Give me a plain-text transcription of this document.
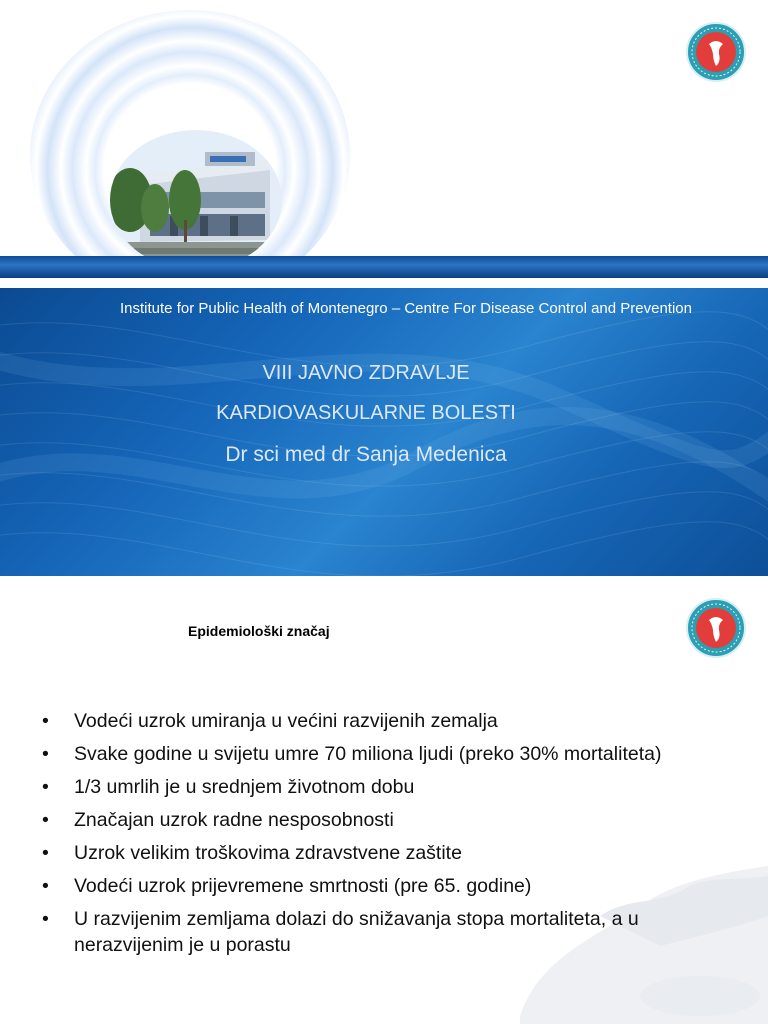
Institute for Public Health of Montenegro – Centre For Disease Control and Prevention
VIII JAVNO ZDRAVLJE
KARDIOVASKULARNE BOLESTI
Dr sci med dr Sanja Medenica
Epidemiološki značaj
• Vodeći uzrok umiranja u većini razvijenih zemalja
• Svake godine u svijetu umre 70 miliona ljudi (preko 30% mortaliteta)
• 1/3 umrlih je u srednjem životnom dobu
• Značajan uzrok radne nesposobnosti
• Uzrok velikim troškovima zdravstvene zaštite
• Vodeći uzrok prijevremene smrtnosti (pre 65. godine)
• U razvijenim zemljama dolazi do snižavanja stopa mortaliteta, a u nerazvijenim je u porastu
